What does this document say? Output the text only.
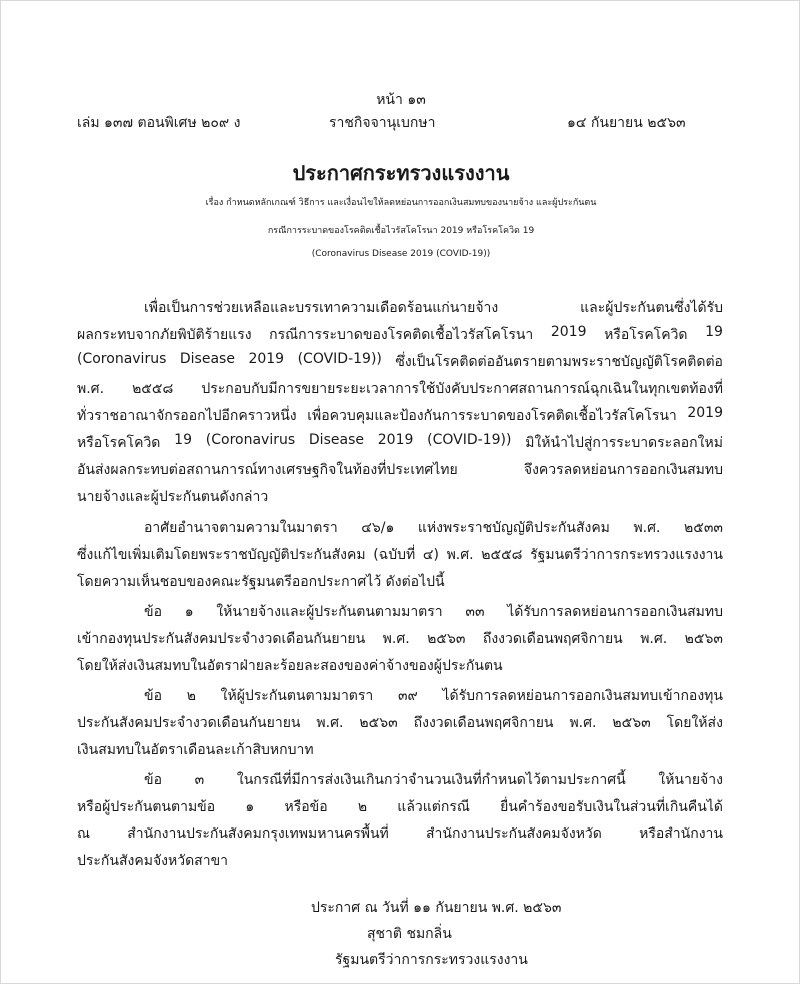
หน้า ๑๓
เล่ม ๑๓๗ ตอนพิเศษ ๒๐๙ ง	ราชกิจจานุเบกษา	๑๔ กันยายน ๒๕๖๓
ประกาศกระทรวงแรงงาน
เรื่อง กำหนดหลักเกณฑ์ วิธีการ และเงื่อนไขให้ลดหย่อนการออกเงินสมทบของนายจ้าง และผู้ประกันตน
กรณีการระบาดของโรคติดเชื้อไวรัสโคโรนา 2019 หรือโรคโควิด 19
(Coronavirus Disease 2019 (COVID-19))
เพื่อเป็นการช่วยเหลือและบรรเทาความเดือดร้อนแก่นายจ้าง	และผู้ประกันตนซึ่งได้รับ
ผลกระทบจากภัยพิบัติร้ายแรง กรณีการระบาดของโรคติดเชื้อไวรัสโคโรนา 2019 หรือโรคโควิด 19
(Coronavirus Disease 2019 (COVID-19)) ซึ่งเป็นโรคติดต่ออันตรายตามพระราชบัญญัติโรคติดต่อ
พ.ศ. ๒๕๕๘ ประกอบกับมีการขยายระยะเวลาการใช้บังคับประกาศสถานการณ์ฉุกเฉินในทุกเขตท้องที่
ทั่วราชอาณาจักรออกไปอีกคราวหนึ่ง เพื่อควบคุมและป้องกันการระบาดของโรคติดเชื้อไวรัสโคโรนา 2019
หรือโรคโควิด 19 (Coronavirus Disease 2019 (COVID-19)) มิให้นำไปสู่การระบาดระลอกใหม่
อันส่งผลกระทบต่อสถานการณ์ทางเศรษฐกิจในท้องที่ประเทศไทย	จึงควรลดหย่อนการออกเงินสมทบ
นายจ้างและผู้ประกันตนดังกล่าว
อาศัยอำนาจตามความในมาตรา ๔๖/๑ แห่งพระราชบัญญัติประกันสังคม พ.ศ. ๒๕๓๓
ซึ่งแก้ไขเพิ่มเติมโดยพระราชบัญญัติประกันสังคม (ฉบับที่ ๔) พ.ศ. ๒๕๕๘ รัฐมนตรีว่าการกระทรวงแรงงาน
โดยความเห็นชอบของคณะรัฐมนตรีออกประกาศไว้ ดังต่อไปนี้
ข้อ ๑ ให้นายจ้างและผู้ประกันตนตามมาตรา ๓๓ ได้รับการลดหย่อนการออกเงินสมทบ
เข้ากองทุนประกันสังคมประจำงวดเดือนกันยายน พ.ศ. ๒๕๖๓ ถึงงวดเดือนพฤศจิกายน พ.ศ. ๒๕๖๓
โดยให้ส่งเงินสมทบในอัตราฝ่ายละร้อยละสองของค่าจ้างของผู้ประกันตน
ข้อ ๒ ให้ผู้ประกันตนตามมาตรา ๓๙ ได้รับการลดหย่อนการออกเงินสมทบเข้ากองทุน
ประกันสังคมประจำงวดเดือนกันยายน พ.ศ. ๒๕๖๓ ถึงงวดเดือนพฤศจิกายน พ.ศ. ๒๕๖๓ โดยให้ส่ง
เงินสมทบในอัตราเดือนละเก้าสิบหกบาท
ข้อ ๓ ในกรณีที่มีการส่งเงินเกินกว่าจำนวนเงินที่กำหนดไว้ตามประกาศนี้ ให้นายจ้าง
หรือผู้ประกันตนตามข้อ ๑ หรือข้อ ๒ แล้วแต่กรณี ยื่นคำร้องขอรับเงินในส่วนที่เกินคืนได้
ณ	สำนักงานประกันสังคมกรุงเทพมหานครพื้นที่	สำนักงานประกันสังคมจังหวัด	หรือสำนักงาน
ประกันสังคมจังหวัดสาขา
ประกาศ ณ วันที่ ๑๑ กันยายน พ.ศ. ๒๕๖๓
สุชาติ ชมกลิ่น
รัฐมนตรีว่าการกระทรวงแรงงาน
